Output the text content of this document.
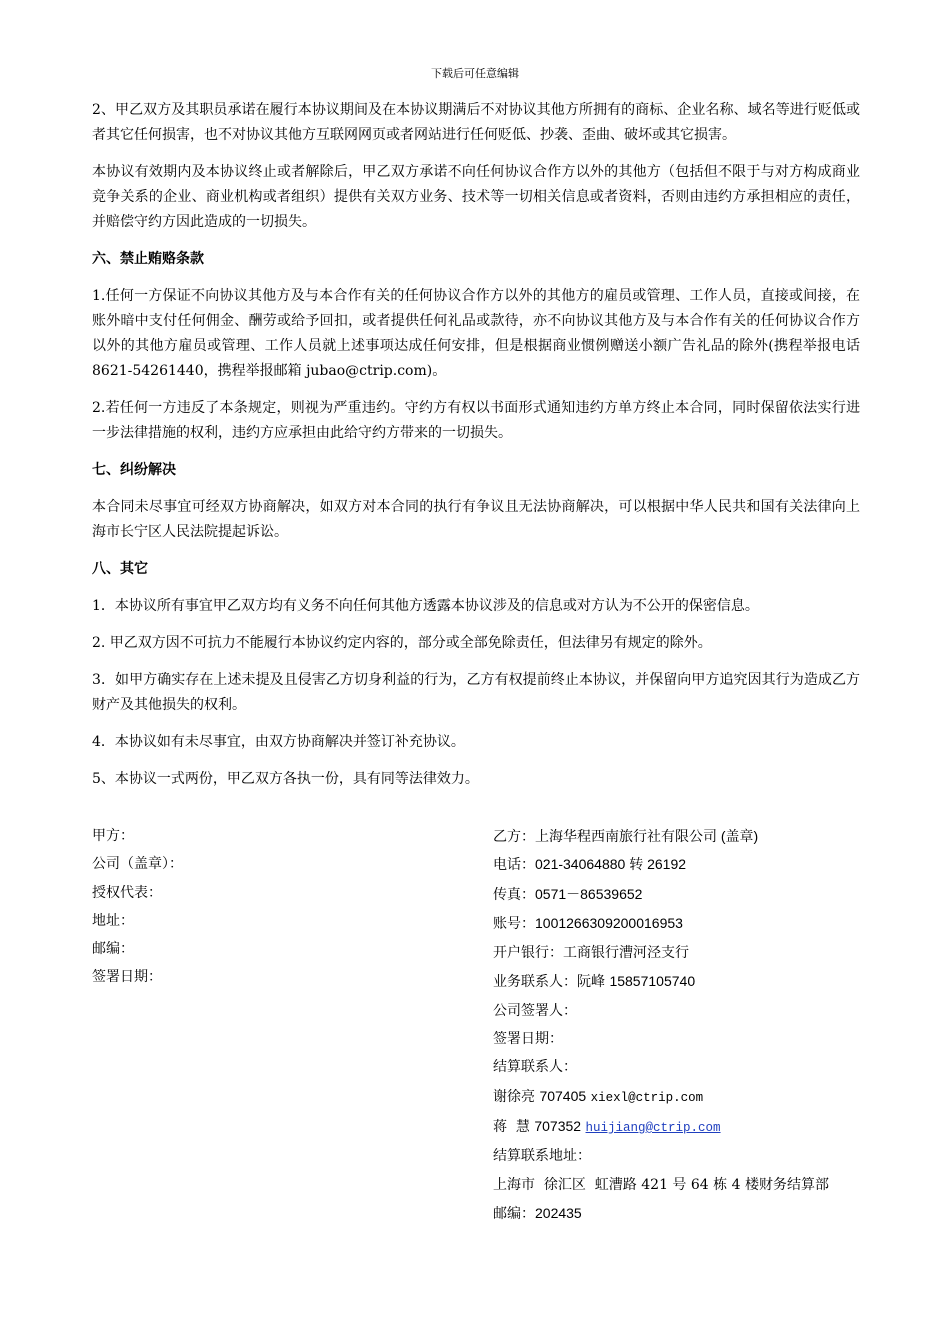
下载后可任意编辑

2、甲乙双方及其职员承诺在履行本协议期间及在本协议期满后不对协议其他方所拥有的商标、企业名称、域名等进行贬低或者其它任何损害，也不对协议其他方互联网网页或者网站进行任何贬低、抄袭、歪曲、破坏或其它损害。

本协议有效期内及本协议终止或者解除后，甲乙双方承诺不向任何协议合作方以外的其他方（包括但不限于与对方构成商业竞争关系的企业、商业机构或者组织）提供有关双方业务、技术等一切相关信息或者资料，否则由违约方承担相应的责任，并赔偿守约方因此造成的一切损失。

六、禁止贿赂条款

1.任何一方保证不向协议其他方及与本合作有关的任何协议合作方以外的其他方的雇员或管理、工作人员，直接或间接，在账外暗中支付任何佣金、酬劳或给予回扣，或者提供任何礼品或款待，亦不向协议其他方及与本合作有关的任何协议合作方以外的其他方雇员或管理、工作人员就上述事项达成任何安排，但是根据商业惯例赠送小额广告礼品的除外(携程举报电话 8621-54261440，携程举报邮箱 jubao@ctrip.com)。

2.若任何一方违反了本条规定，则视为严重违约。守约方有权以书面形式通知违约方单方终止本合同，同时保留依法实行进一步法律措施的权利，违约方应承担由此给守约方带来的一切损失。

七、纠纷解决

本合同未尽事宜可经双方协商解决，如双方对本合同的执行有争议且无法协商解决，可以根据中华人民共和国有关法律向上海市长宁区人民法院提起诉讼。

八、其它

1．本协议所有事宜甲乙双方均有义务不向任何其他方透露本协议涉及的信息或对方认为不公开的保密信息。

2. 甲乙双方因不可抗力不能履行本协议约定内容的，部分或全部免除责任，但法律另有规定的除外。

3．如甲方确实存在上述未提及且侵害乙方切身利益的行为，乙方有权提前终止本协议，并保留向甲方追究因其行为造成乙方财产及其他损失的权利。

4．本协议如有未尽事宜，由双方协商解决并签订补充协议。

5、本协议一式两份，甲乙双方各执一份，具有同等法律效力。

甲方：
公司（盖章）：
授权代表：
地址：
邮编：
签署日期：
乙方：上海华程西南旅行社有限公司 (盖章)
电话：021-34064880 转 26192
传真：0571－86539652
账号：1001266309200016953
开户银行：工商银行漕河泾支行
业务联系人：阮峰 15857105740
公司签署人：
签署日期：
结算联系人：
谢徐亮 707405 xiexl@ctrip.com
蒋  慧 707352 huijiang@ctrip.com
结算联系地址：
上海市  徐汇区  虹漕路 421 号 64 栋 4 楼财务结算部
邮编：202435
